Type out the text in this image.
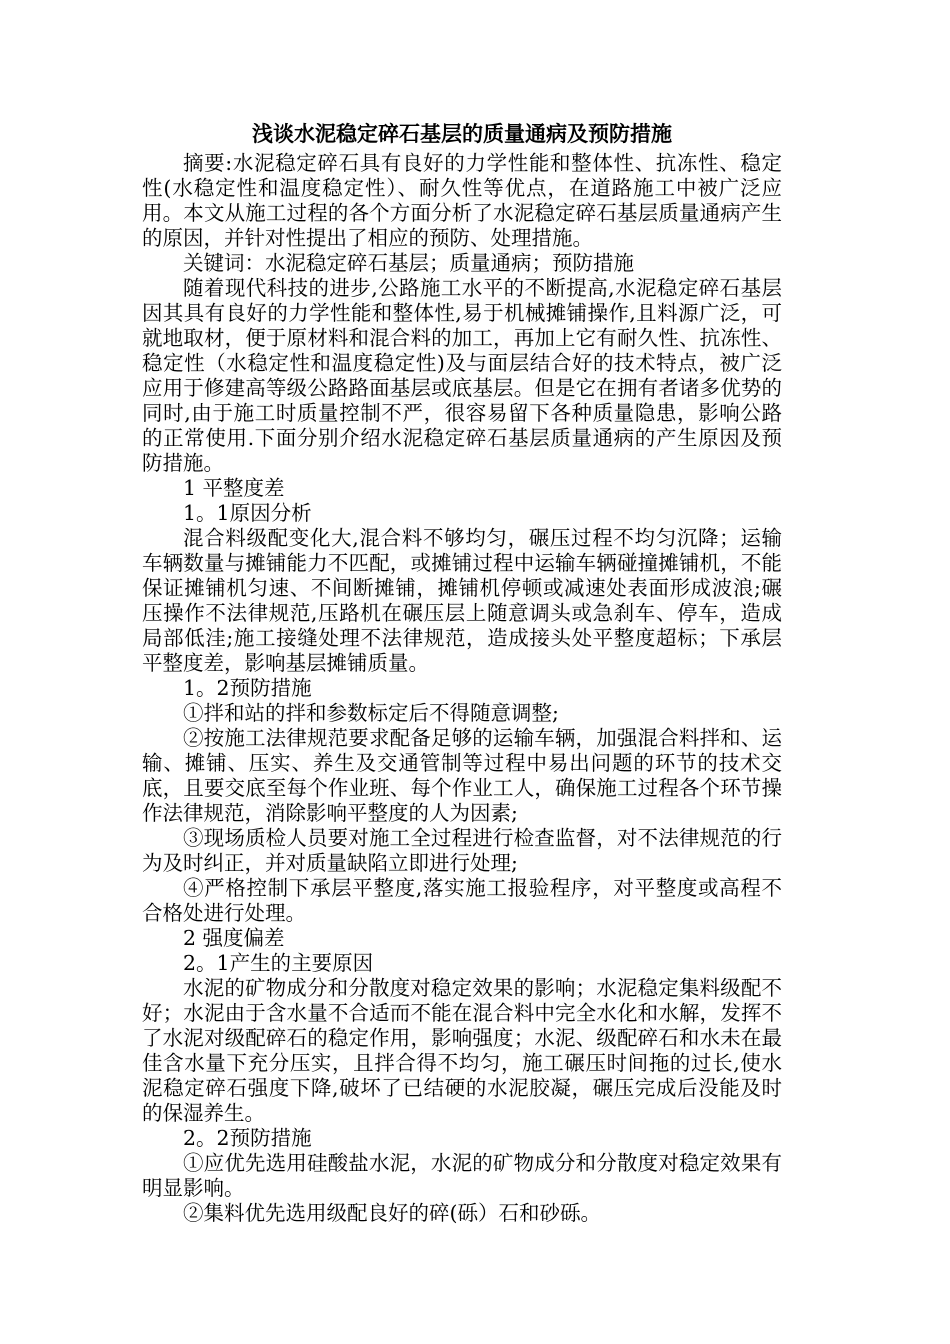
浅谈水泥稳定碎石基层的质量通病及预防措施

摘要:水泥稳定碎石具有良好的力学性能和整体性、抗冻性、稳定性(水稳定性和温度稳定性）、耐久性等优点，在道路施工中被广泛应用。本文从施工过程的各个方面分析了水泥稳定碎石基层质量通病产生的原因，并针对性提出了相应的预防、处理措施。

关键词：水泥稳定碎石基层；质量通病；预防措施

随着现代科技的进步,公路施工水平的不断提高,水泥稳定碎石基层因其具有良好的力学性能和整体性,易于机械摊铺操作,且料源广泛，可就地取材，便于原材料和混合料的加工，再加上它有耐久性、抗冻性、稳定性（水稳定性和温度稳定性)及与面层结合好的技术特点，被广泛应用于修建高等级公路路面基层或底基层。但是它在拥有者诸多优势的同时,由于施工时质量控制不严，很容易留下各种质量隐患，影响公路的正常使用.下面分别介绍水泥稳定碎石基层质量通病的产生原因及预防措施。

1 平整度差

1。1原因分析

混合料级配变化大,混合料不够均匀，碾压过程不均匀沉降；运输车辆数量与摊铺能力不匹配，或摊铺过程中运输车辆碰撞摊铺机，不能保证摊铺机匀速、不间断摊铺，摊铺机停顿或减速处表面形成波浪;碾压操作不法律规范,压路机在碾压层上随意调头或急刹车、停车，造成局部低洼;施工接缝处理不法律规范，造成接头处平整度超标；下承层平整度差，影响基层摊铺质量。

1。2预防措施

①拌和站的拌和参数标定后不得随意调整;

②按施工法律规范要求配备足够的运输车辆，加强混合料拌和、运输、摊铺、压实、养生及交通管制等过程中易出问题的环节的技术交底，且要交底至每个作业班、每个作业工人，确保施工过程各个环节操作法律规范，消除影响平整度的人为因素;

③现场质检人员要对施工全过程进行检查监督，对不法律规范的行为及时纠正，并对质量缺陷立即进行处理;

④严格控制下承层平整度,落实施工报验程序，对平整度或高程不合格处进行处理。

2 强度偏差

2。1产生的主要原因

水泥的矿物成分和分散度对稳定效果的影响；水泥稳定集料级配不好；水泥由于含水量不合适而不能在混合料中完全水化和水解，发挥不了水泥对级配碎石的稳定作用，影响强度；水泥、级配碎石和水未在最佳含水量下充分压实，且拌合得不均匀，施工碾压时间拖的过长,使水泥稳定碎石强度下降,破坏了已结硬的水泥胶凝，碾压完成后没能及时的保湿养生。

2。2预防措施

①应优先选用硅酸盐水泥，水泥的矿物成分和分散度对稳定效果有明显影响。

②集料优先选用级配良好的碎(砾）石和砂砾。
